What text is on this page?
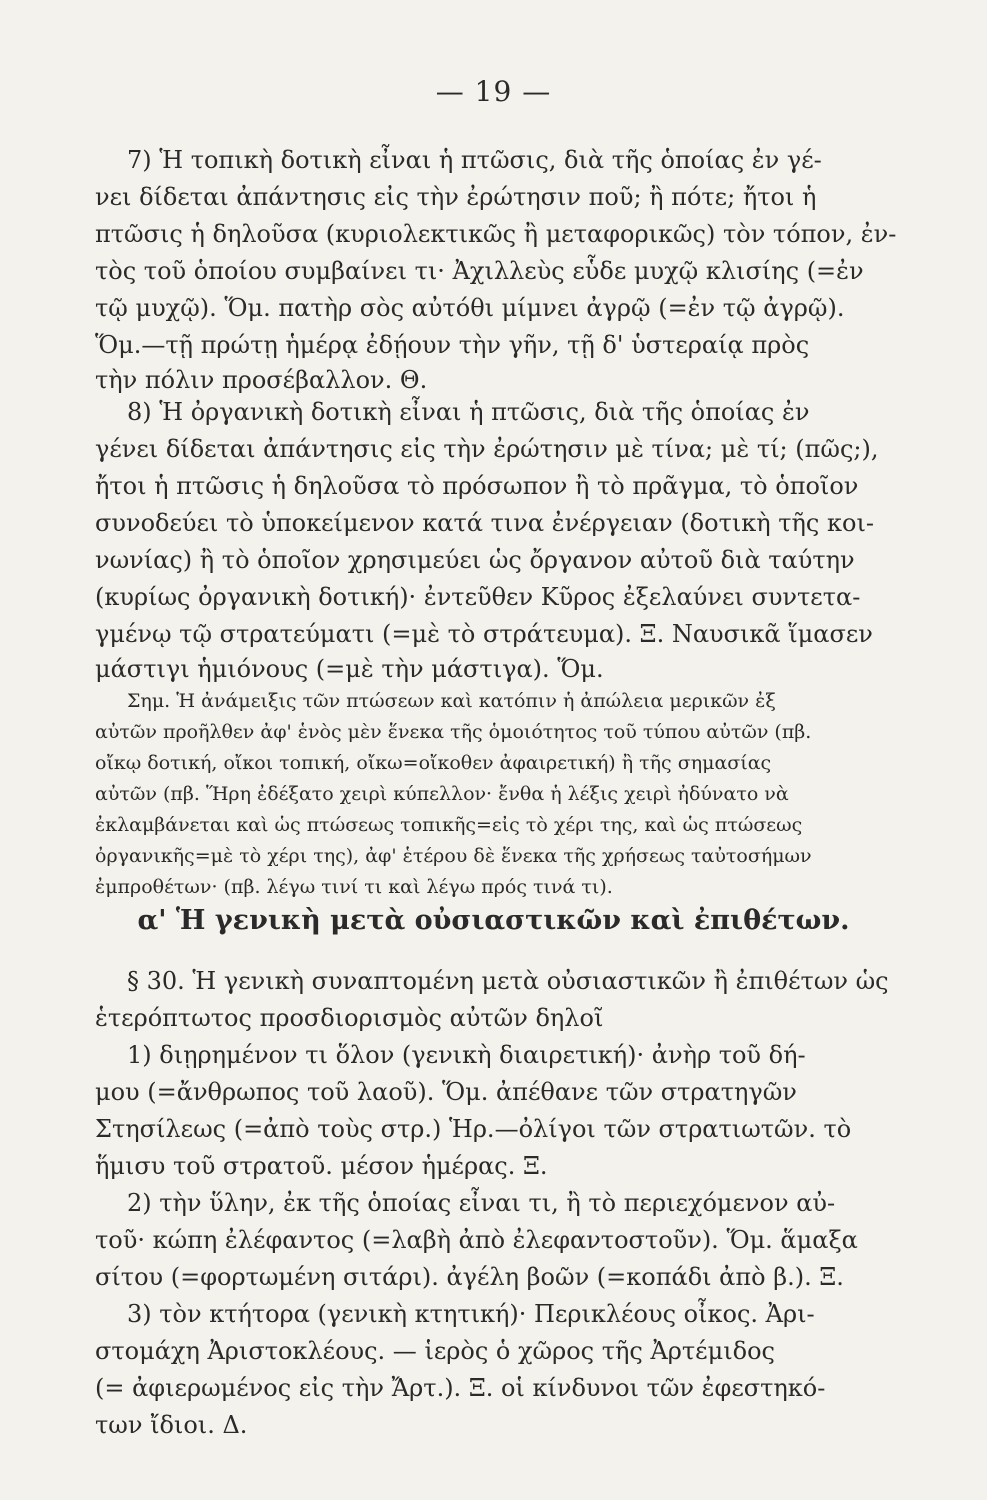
— 19 —

7) Ἡ τοπικὴ δοτικὴ εἶναι ἡ πτῶσις, διὰ τῆς ὁποίας ἐν γέ-

νει δίδεται ἀπάντησις εἰς τὴν ἐρώτησιν ποῦ; ἢ πότε; ἤτοι ἡ

πτῶσις ἡ δηλοῦσα (κυριολεκτικῶς ἢ μεταφορικῶς) τὸν τόπον, ἐν-

τὸς τοῦ ὁποίου συμβαίνει τι· Ἀχιλλεὺς εὗδε μυχῷ κλισίης (=ἐν

τῷ μυχῷ). Ὅμ. πατὴρ σὸς αὐτόθι μίμνει ἀγρῷ (=ἐν τῷ ἀγρῷ).

Ὅμ.—τῇ πρώτῃ ἡμέρᾳ ἐδῄουν τὴν γῆν, τῇ δ' ὑστεραίᾳ πρὸς

τὴν πόλιν προσέβαλλον. Θ.

8) Ἡ ὀργανικὴ δοτικὴ εἶναι ἡ πτῶσις, διὰ τῆς ὁποίας ἐν

γένει δίδεται ἀπάντησις εἰς τὴν ἐρώτησιν μὲ τίνα; μὲ τί; (πῶς;),

ἤτοι ἡ πτῶσις ἡ δηλοῦσα τὸ πρόσωπον ἢ τὸ πρᾶγμα, τὸ ὁποῖον

συνοδεύει τὸ ὑποκείμενον κατά τινα ἐνέργειαν (δοτικὴ τῆς κοι-

νωνίας) ἢ τὸ ὁποῖον χρησιμεύει ὡς ὄργανον αὐτοῦ διὰ ταύτην

(κυρίως ὀργανικὴ δοτική)· ἐντεῦθεν Κῦρος ἐξελαύνει συντετα-

γμένῳ τῷ στρατεύματι (=μὲ τὸ στράτευμα). Ξ. Ναυσικᾶ ἵμασεν

μάστιγι ἡμιόνους (=μὲ τὴν μάστιγα). Ὅμ.

Σημ. Ἡ ἀνάμειξις τῶν πτώσεων καὶ κατόπιν ἡ ἀπώλεια μερικῶν ἐξ

αὐτῶν προῆλθεν ἀφ' ἑνὸς μὲν ἕνεκα τῆς ὁμοιότητος τοῦ τύπου αὐτῶν (πβ.

οἴκῳ δοτική, οἴκοι τοπική, οἴκω=οἴκοθεν ἀφαιρετική) ἢ τῆς σημασίας

αὐτῶν (πβ. Ἥρη ἐδέξατο χειρὶ κύπελλον· ἔνθα ἡ λέξις χειρὶ ἠδύνατο νὰ

ἐκλαμβάνεται καὶ ὡς πτώσεως τοπικῆς=εἰς τὸ χέρι της, καὶ ὡς πτώσεως

ὀργανικῆς=μὲ τὸ χέρι της), ἀφ' ἑτέρου δὲ ἕνεκα τῆς χρήσεως ταὐτοσήμων

ἐμπροθέτων· (πβ. λέγω τινί τι καὶ λέγω πρός τινά τι).

α' Ἡ γενικὴ μετὰ οὐσιαστικῶν καὶ ἐπιθέτων.

§ 30. Ἡ γενικὴ συναπτομένη μετὰ οὐσιαστικῶν ἢ ἐπιθέτων ὡς

ἑτερόπτωτος προσδιορισμὸς αὐτῶν δηλοῖ

1) διῃρημένον τι ὅλον (γενικὴ διαιρετική)· ἀνὴρ τοῦ δή-

μου (=ἄνθρωπος τοῦ λαοῦ). Ὅμ. ἀπέθανε τῶν στρατηγῶν

Στησίλεως (=ἀπὸ τοὺς στρ.) Ἡρ.—ὀλίγοι τῶν στρατιωτῶν. τὸ

ἥμισυ τοῦ στρατοῦ. μέσον ἡμέρας. Ξ.

2) τὴν ὕλην, ἐκ τῆς ὁποίας εἶναι τι, ἢ τὸ περιεχόμενον αὐ-

τοῦ· κώπη ἐλέφαντος (=λαβὴ ἀπὸ ἐλεφαντοστοῦν). Ὅμ. ἅμαξα

σίτου (=φορτωμένη σιτάρι). ἀγέλη βοῶν (=κοπάδι ἀπὸ β.). Ξ.

3) τὸν κτήτορα (γενικὴ κτητική)· Περικλέους οἶκος. Ἀρι-

στομάχη Ἀριστοκλέους. — ἱερὸς ὁ χῶρος τῆς Ἀρτέμιδος

(= ἀφιερωμένος εἰς τὴν Ἄρτ.). Ξ. οἱ κίνδυνοι τῶν ἐφεστηκό-

των ἴδιοι. Δ.
